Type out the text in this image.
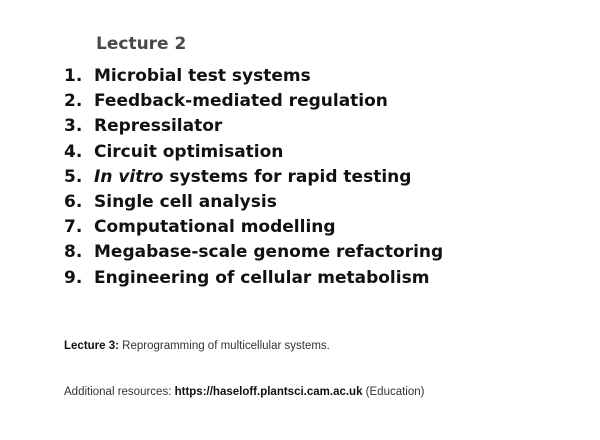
Lecture 2
1. Microbial test systems
2. Feedback-mediated regulation
3. Repressilator
4. Circuit optimisation
5. In vitro systems for rapid testing
6. Single cell analysis
7. Computational modelling
8. Megabase-scale genome refactoring
9. Engineering of cellular metabolism
Lecture 3: Reprogramming of multicellular systems.
Additional resources: https://haseloff.plantsci.cam.ac.uk (Education)
